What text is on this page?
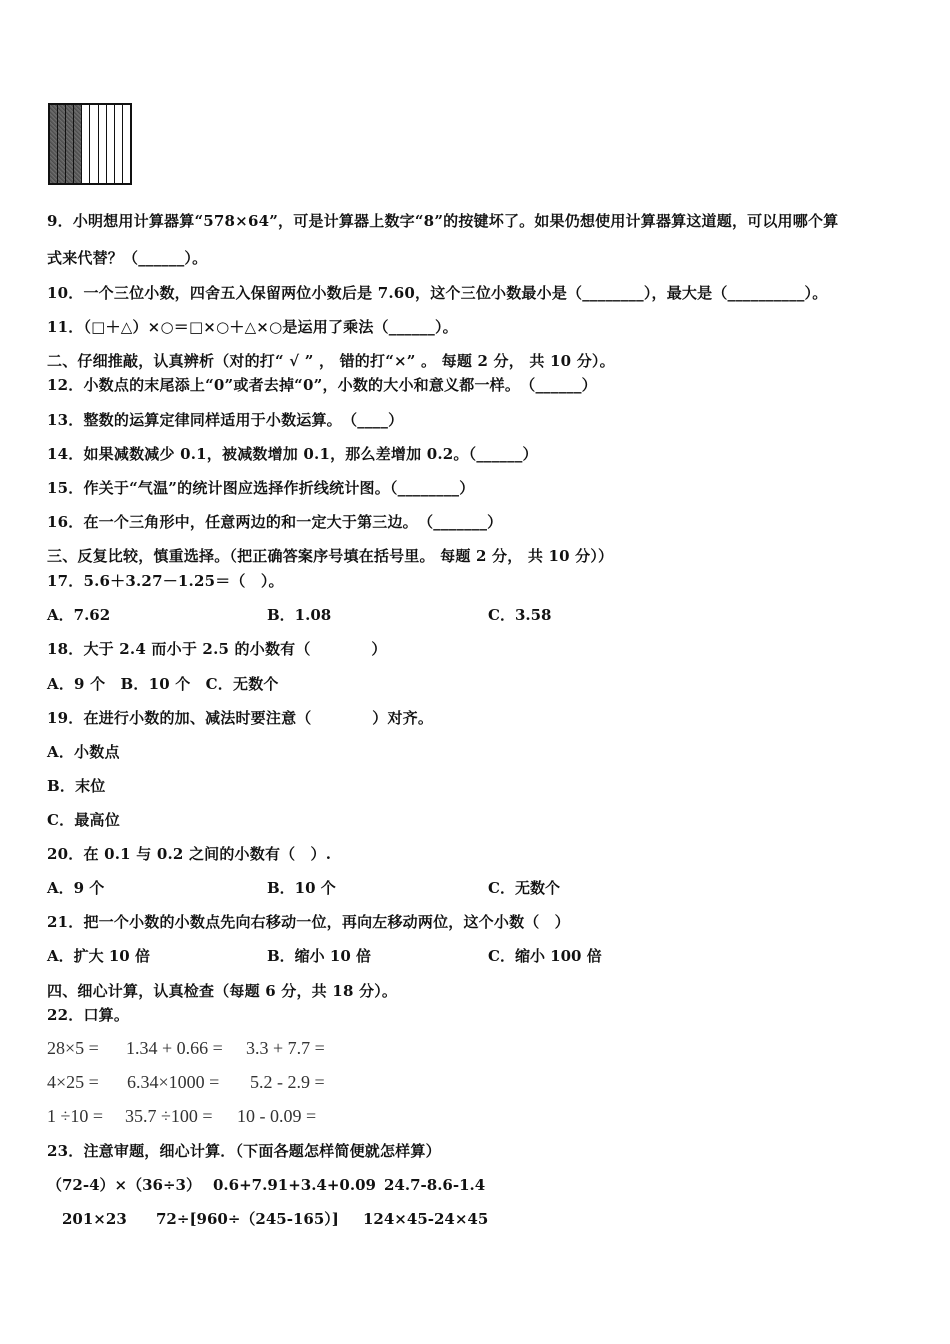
9．小明想用计算器算“578×64”，可是计算器上数字“8”的按键坏了。如果仍想使用计算器算这道题，可以用哪个算
式来代替？（______）。
10．一个三位小数，四舍五入保留两位小数后是 7.60，这个三位小数最小是（________），最大是（__________）。
11．（□＋△）×○＝□×○＋△×○是运用了乘法（______）。
二、仔细推敲，认真辨析（对的打“ √ ” ， 错的打“×” 。 每题 2 分， 共 10 分）。
12．小数点的末尾添上“0”或者去掉“0”，小数的大小和意义都一样。　（______）
13．整数的运算定律同样适用于小数运算。　（____）
14．如果减数减少 0.1，被减数增加 0.1，那么差增加 0.2。（______）
15．作关于“气温”的统计图应选择作折线统计图。（________）
16．在一个三角形中，任意两边的和一定大于第三边。　（_______）
三、反复比较，慎重选择。（把正确答案序号填在括号里。 每题 2 分， 共 10 分））
17．5.6＋3.27－1.25＝（　）。
A．7.62	B．1.08	C．3.58
18．大于 2.4 而小于 2.5 的小数有（　　　　）
A．9 个　B．10 个　C．无数个
19．在进行小数的加、减法时要注意（　　　　）对齐。
A．小数点
B．末位
C．最高位
20．在 0.1 与 0.2 之间的小数有（　）.
A．9 个	B．10 个	C．无数个
21．把一个小数的小数点先向右移动一位，再向左移动两位，这个小数（　）
A．扩大 10 倍	B．缩小 10 倍	C．缩小 100 倍
四、细心计算，认真检查（每题 6 分，共 18 分）。
22．口算。
28×5 = 1.34 + 0.66 = 3.3 + 7.7 =
4×25 = 6.34×1000 = 5.2 - 2.9 =
1 ÷10 = 35.7 ÷100 = 10 - 0.09 =
23．注意审题，细心计算．（下面各题怎样简便就怎样算）
（72-4）×（36÷3） 0.6+7.91+3.4+0.09 24.7-8.6-1.4
201×23 72÷[960÷（245-165）] 124×45-24×45
